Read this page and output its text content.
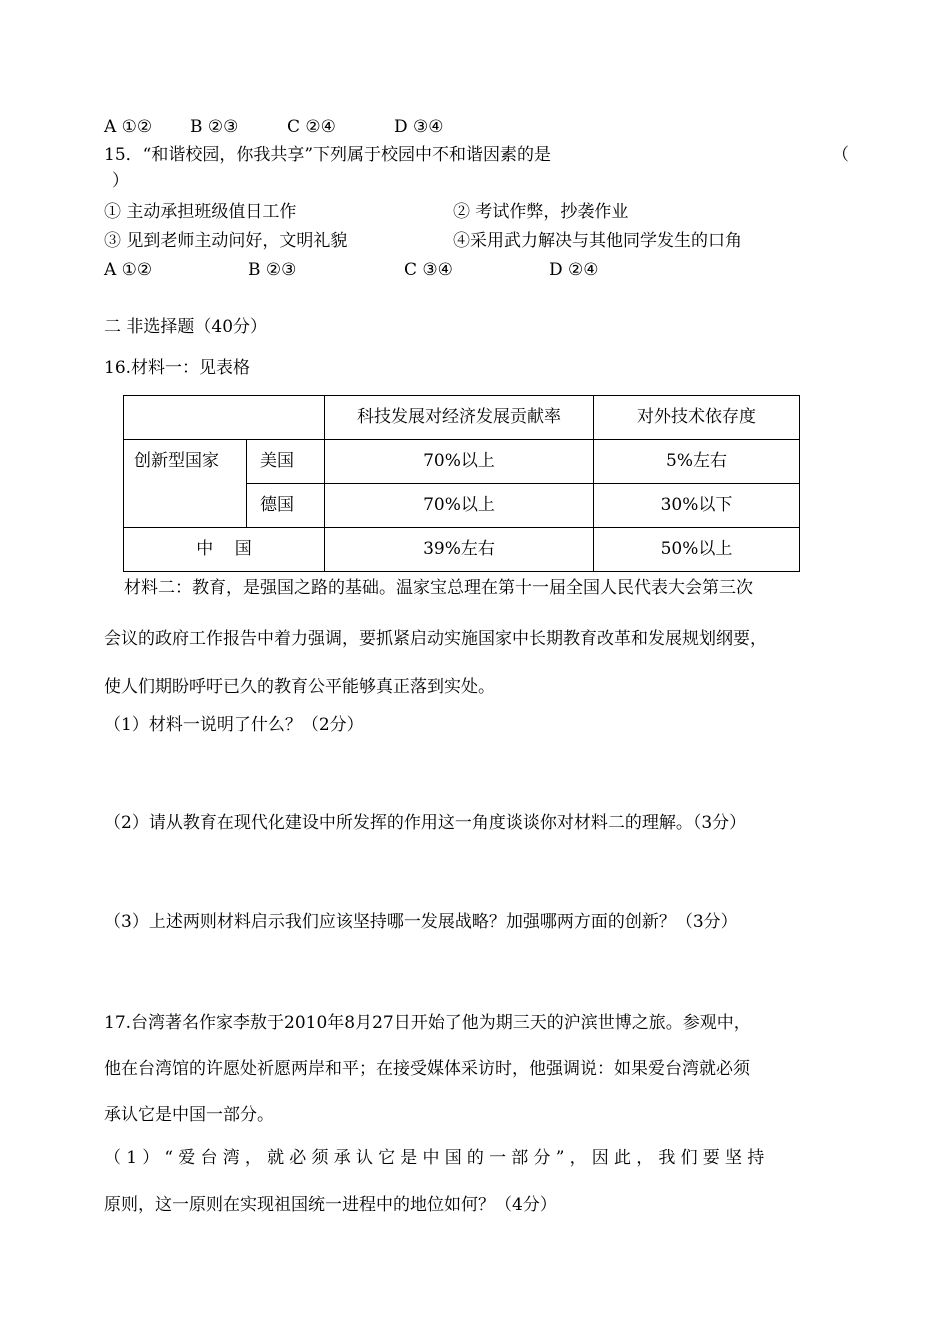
A ①② B ②③	C ②④	D ③④
15．“和谐校园，你我共享”下列属于校园中不和谐因素的是	（
）
① 主动承担班级值日工作	② 考试作弊，抄袭作业
③ 见到老师主动问好，文明礼貌	④采用武力解决与其他同学发生的口角
A ①②	B ②③	C ③④	D ②④
二 非选择题（40分）
16.材料一：见表格

		科技发展对经济发展贡献率	对外技术依存度

创新型国家	美国	70%以上	5%左右

	德国	70%以上	30%以下

中    国		39%左右	50%以上
材料二：教育，是强国之路的基础。温家宝总理在第十一届全国人民代表大会第三次
会议的政府工作报告中着力强调，要抓紧启动实施国家中长期教育改革和发展规划纲要，
使人们期盼呼吁已久的教育公平能够真正落到实处。
（1）材料一说明了什么？（2分）
（2）请从教育在现代化建设中所发挥的作用这一角度谈谈你对材料二的理解。（3分）
（3）上述两则材料启示我们应该坚持哪一发展战略？加强哪两方面的创新？（3分）
17.台湾著名作家李敖于2010年8月27日开始了他为期三天的沪滨世博之旅。参观中，
他在台湾馆的许愿处祈愿两岸和平；在接受媒体采访时，他强调说：如果爱台湾就必须
承认它是中国一部分。
（1）“爱台湾，就必须承认它是中国的一部分”，因此，我们要坚持
原则，这一原则在实现祖国统一进程中的地位如何？（4分）
